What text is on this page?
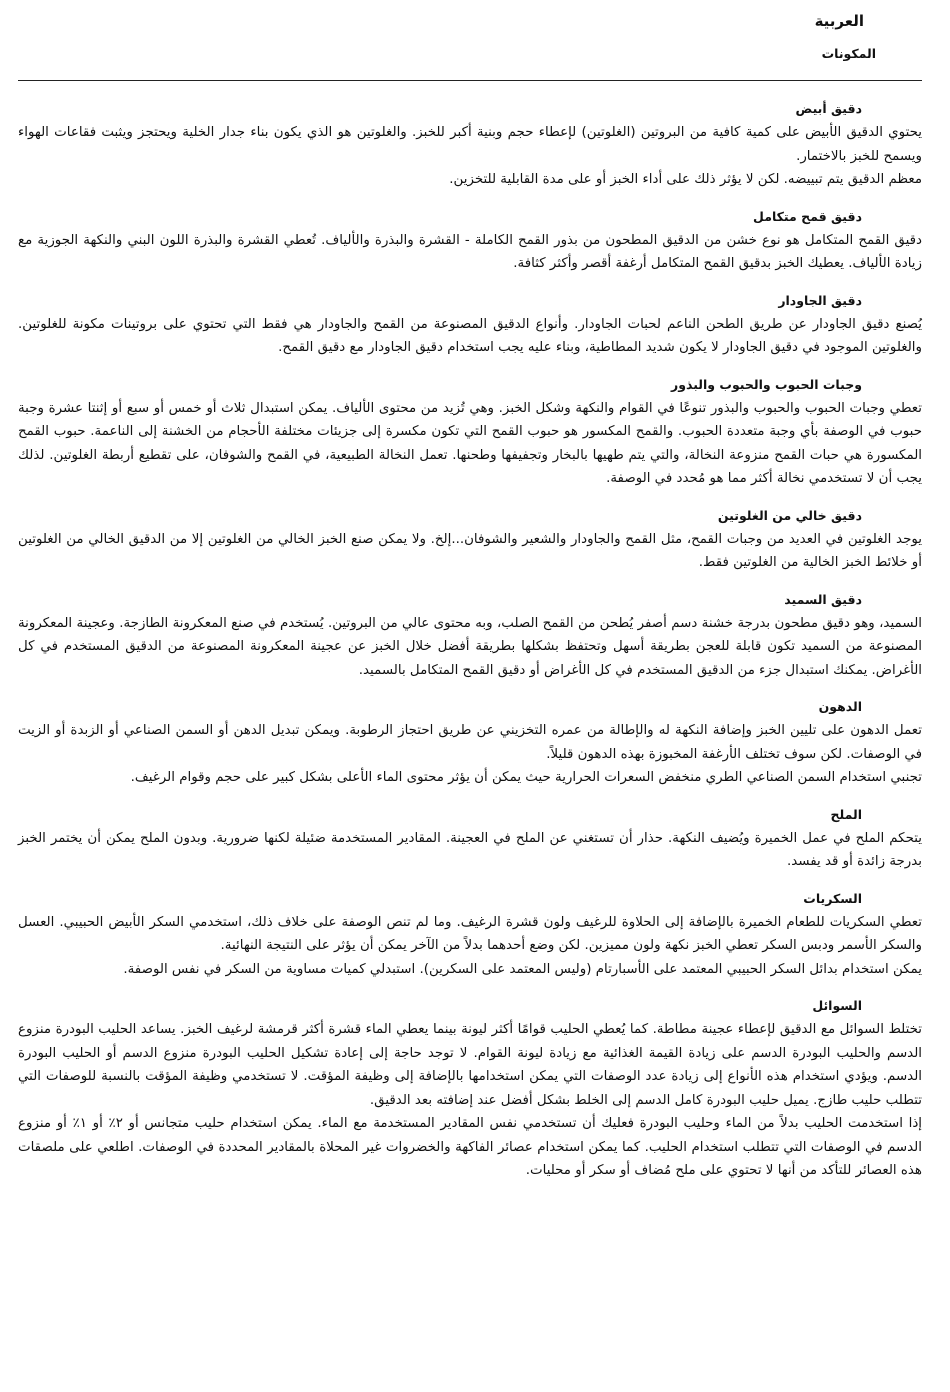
العربية
المكونات
دقيق أبيض

يحتوي الدقيق الأبيض على كمية كافية من البروتين (الغلوتين) لإعطاء حجم وبنية أكبر للخبز. والغلوتين هو الذي يكون بناء جدار الخلية ويحتجز ويثبت فقاعات الهواء ويسمح للخبز بالاختمار.

معظم الدقيق يتم تبييضه. لكن لا يؤثر ذلك على أداء الخبز أو على مدة القابلية للتخزين.

دقيق قمح متكامل

دقيق القمح المتكامل هو نوع خشن من الدقيق المطحون من بذور القمح الكاملة - القشرة والبذرة والألياف. تُعطي القشرة والبذرة اللون البني والنكهة الجوزية مع زيادة الألياف. يعطيك الخبز بدقيق القمح المتكامل أرغفة أقصر وأكثر كثافة.

دقيق الجاودار

يُصنع دقيق الجاودار عن طريق الطحن الناعم لحبات الجاودار. وأنواع الدقيق المصنوعة من القمح والجاودار هي فقط التي تحتوي على بروتينات مكونة للغلوتين. والغلوتين الموجود في دقيق الجاودار لا يكون شديد المطاطية، وبناء عليه يجب استخدام دقيق الجاودار مع دقيق القمح.

وجبات الحبوب والحبوب والبذور

تعطي وجبات الحبوب والحبوب والبذور تنوعًا في القوام والنكهة وشكل الخبز. وهي تُزيد من محتوى الألياف. يمكن استبدال ثلاث أو خمس أو سبع أو إثنتا عشرة وجبة حبوب في الوصفة بأي وجبة متعددة الحبوب. والقمح المكسور هو حبوب القمح التي تكون مكسرة إلى جزيئات مختلفة الأحجام من الخشنة إلى الناعمة. حبوب القمح المكسورة هي حبات القمح منزوعة النخالة، والتي يتم طهيها بالبخار وتجفيفها وطحنها. تعمل النخالة الطبيعية، في القمح والشوفان، على تقطيع أربطة الغلوتين. لذلك يجب أن لا تستخدمي نخالة أكثر مما هو مُحدد في الوصفة.

دقيق خالي من الغلوتين

يوجد الغلوتين في العديد من وجبات القمح، مثل القمح والجاودار والشعير والشوفان...إلخ. ولا يمكن صنع الخبز الخالي من الغلوتين إلا من الدقيق الخالي من الغلوتين أو خلائط الخبز الخالية من الغلوتين فقط.

دقيق السميد

السميد، وهو دقيق مطحون بدرجة خشنة دسم أصفر يُطحن من القمح الصلب، وبه محتوى عالي من البروتين. يُستخدم في صنع المعكرونة الطازجة. وعجينة المعكرونة المصنوعة من السميد تكون قابلة للعجن بطريقة أسهل وتحتفظ بشكلها بطريقة أفضل خلال الخبز عن عجينة المعكرونة المصنوعة من الدقيق المستخدم في كل الأغراض. يمكنك استبدال جزء من الدقيق المستخدم في كل الأغراض أو دقيق القمح المتكامل بالسميد.

الدهون

تعمل الدهون على تليين الخبز وإضافة النكهة له والإطالة من عمره التخزيني عن طريق احتجاز الرطوبة. ويمكن تبديل الدهن أو السمن الصناعي أو الزبدة أو الزيت في الوصفات. لكن سوف تختلف الأرغفة المخبوزة بهذه الدهون قليلاً.

تجنبي استخدام السمن الصناعي الطري منخفض السعرات الحرارية حيث يمكن أن يؤثر محتوى الماء الأعلى بشكل كبير على حجم وقوام الرغيف.

الملح

يتحكم الملح في عمل الخميرة ويُضيف النكهة. حذار أن تستغني عن الملح في العجينة. المقادير المستخدمة ضئيلة لكنها ضرورية. وبدون الملح يمكن أن يختمر الخبز بدرجة زائدة أو قد يفسد.

السكريات

تعطي السكريات للطعام الخميرة بالإضافة إلى الحلاوة للرغيف ولون قشرة الرغيف. وما لم تنص الوصفة على خلاف ذلك، استخدمي السكر الأبيض الحبيبي. العسل والسكر الأسمر ودبس السكر تعطي الخبز نكهة ولون مميزين. لكن وضع أحدهما بدلاً من الآخر يمكن أن يؤثر على النتيجة النهائية.

يمكن استخدام بدائل السكر الحبيبي المعتمد على الأسبارتام (وليس المعتمد على السكرين). استبدلي كميات مساوية من السكر في نفس الوصفة.

السوائل

تختلط السوائل مع الدقيق لإعطاء عجينة مطاطة. كما يُعطي الحليب قوامًا أكثر ليونة بينما يعطي الماء قشرة أكثر قرمشة لرغيف الخبز. يساعد الحليب البودرة منزوع الدسم والحليب البودرة الدسم على زيادة القيمة الغذائية مع زيادة ليونة القوام. لا توجد حاجة إلى إعادة تشكيل الحليب البودرة منزوع الدسم أو الحليب البودرة الدسم. ويؤدي استخدام هذه الأنواع إلى زيادة عدد الوصفات التي يمكن استخدامها بالإضافة إلى وظيفة المؤقت. لا تستخدمي وظيفة المؤقت بالنسبة للوصفات التي تتطلب حليب طازج. يميل حليب البودرة كامل الدسم إلى الخلط بشكل أفضل عند إضافته بعد الدقيق.

إذا استخدمت الحليب بدلاً من الماء وحليب البودرة فعليك أن تستخدمي نفس المقادير المستخدمة مع الماء. يمكن استخدام حليب متجانس أو ٢٪ أو ١٪ أو منزوع الدسم في الوصفات التي تتطلب استخدام الحليب. كما يمكن استخدام عصائر الفاكهة والخضروات غير المحلاة بالمقادير المحددة في الوصفات. اطلعي على ملصقات هذه العصائر للتأكد من أنها لا تحتوي على ملح مُضاف أو سكر أو محليات.
